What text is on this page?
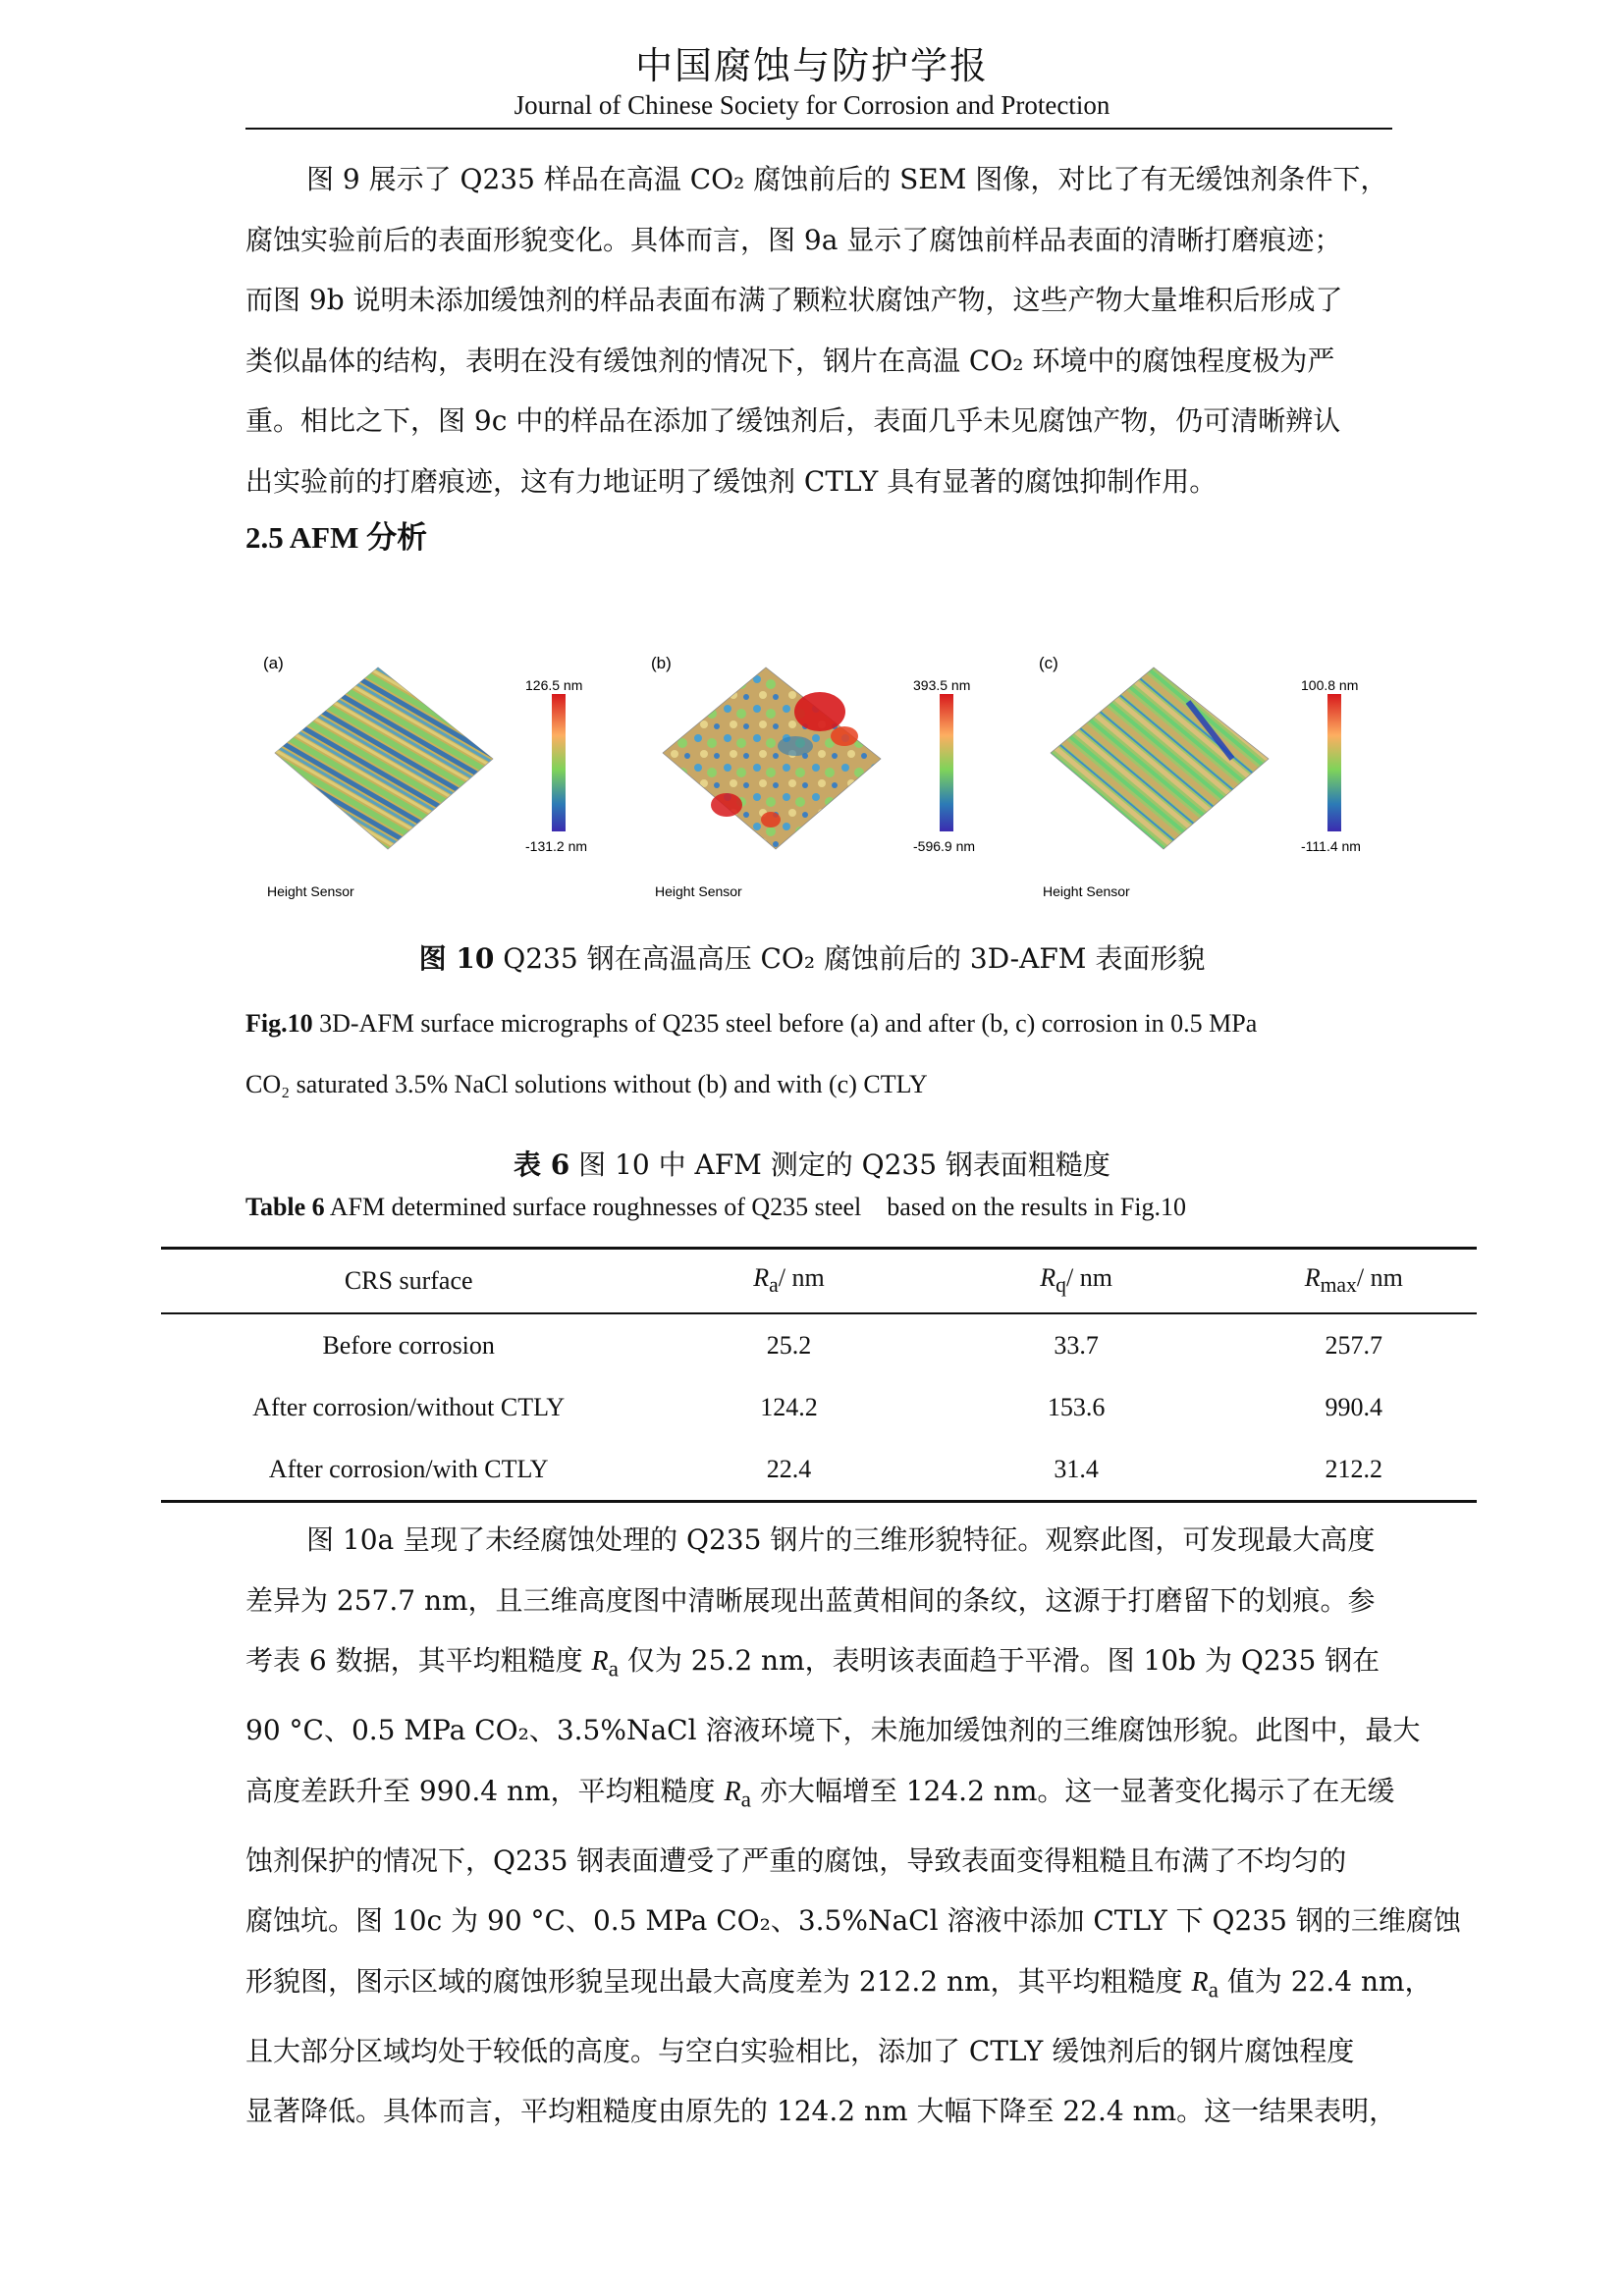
中国腐蚀与防护学报
Journal of Chinese Society for Corrosion and Protection
图 9 展示了 Q235 样品在高温 CO₂ 腐蚀前后的 SEM 图像，对比了有无缓蚀剂条件下，
腐蚀实验前后的表面形貌变化。具体而言，图 9a 显示了腐蚀前样品表面的清晰打磨痕迹；
而图 9b 说明未添加缓蚀剂的样品表面布满了颗粒状腐蚀产物，这些产物大量堆积后形成了
类似晶体的结构，表明在没有缓蚀剂的情况下，钢片在高温 CO₂ 环境中的腐蚀程度极为严
重。相比之下，图 9c 中的样品在添加了缓蚀剂后，表面几乎未见腐蚀产物，仍可清晰辨认
出实验前的打磨痕迹，这有力地证明了缓蚀剂 CTLY 具有显著的腐蚀抑制作用。
2.5 AFM 分析
(a)
126.5 nm
-131.2 nm
Height Sensor
(b)
393.5 nm
-596.9 nm
Height Sensor
(c)
100.8 nm
-111.4 nm
Height Sensor
图 10 Q235 钢在高温高压 CO₂ 腐蚀前后的 3D-AFM 表面形貌
Fig.10 3D-AFM surface micrographs of Q235 steel before (a) and after (b, c) corrosion in 0.5 MPa
CO₂ saturated 3.5% NaCl solutions without (b) and with (c) CTLY
表 6 图 10 中 AFM 测定的 Q235 钢表面粗糙度
Table 6 AFM determined surface roughnesses of Q235 steel    based on the results in Fig.10
CRS surface	$R_a/$ nm	$R_q/$ nm	$R_{max}/$ nm
Before corrosion	25.2	33.7	257.7
After corrosion/without CTLY	124.2	153.6	990.4
After corrosion/with CTLY	22.4	31.4	212.2
图 10a 呈现了未经腐蚀处理的 Q235 钢片的三维形貌特征。观察此图，可发现最大高度
差异为 257.7 nm，且三维高度图中清晰展现出蓝黄相间的条纹，这源于打磨留下的划痕。参
考表 6 数据，其平均粗糙度 $R_a$ 仅为 25.2 nm，表明该表面趋于平滑。图 10b 为 Q235 钢在
90 °C、0.5 MPa CO₂、3.5%NaCl 溶液环境下，未施加缓蚀剂的三维腐蚀形貌。此图中，最大
高度差跃升至 990.4 nm，平均粗糙度 $R_a$ 亦大幅增至 124.2 nm。这一显著变化揭示了在无缓
蚀剂保护的情况下，Q235 钢表面遭受了严重的腐蚀，导致表面变得粗糙且布满了不均匀的
腐蚀坑。图 10c 为 90 °C、0.5 MPa CO₂、3.5%NaCl 溶液中添加 CTLY 下 Q235 钢的三维腐蚀
形貌图，图示区域的腐蚀形貌呈现出最大高度差为 212.2 nm，其平均粗糙度 $R_a$ 值为 22.4 nm，
且大部分区域均处于较低的高度。与空白实验相比，添加了 CTLY 缓蚀剂后的钢片腐蚀程度
显著降低。具体而言，平均粗糙度由原先的 124.2 nm 大幅下降至 22.4 nm。这一结果表明，
